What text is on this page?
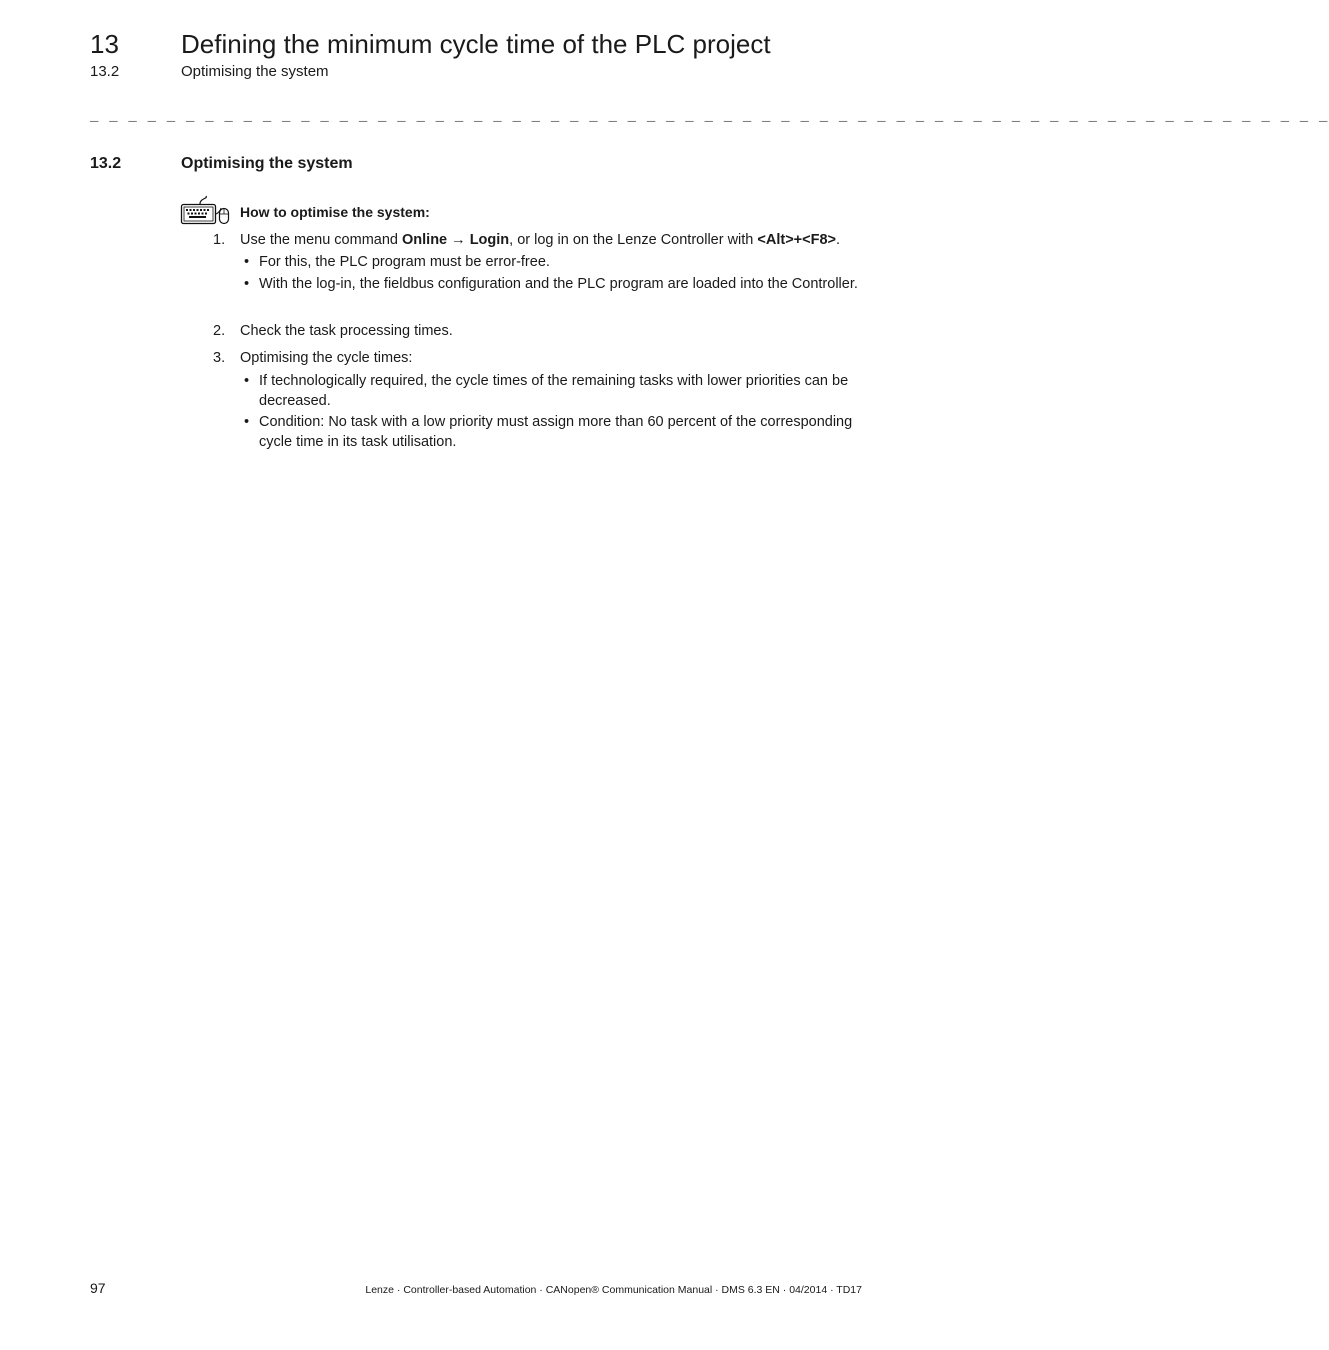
13 Defining the minimum cycle time of the PLC project
13.2	Optimising the system
_ _ _ _ _ _ _ _ _ _ _ _ _ _ _ _ _ _ _ _ _ _ _ _ _ _ _ _ _ _ _ _ _ _ _ _ _ _ _ _ _ _ _ _ _ _ _ _ _ _ _ _ _ _ _ _ _ _ _ _ _ _ _ _ _
13.2	Optimising the system
How to optimise the system:
1. Use the menu command Online → Login, or log in on the Lenze Controller with <Alt>+<F8>.
• For this, the PLC program must be error-free.
• With the log-in, the fieldbus configuration and the PLC program are loaded into the Controller.
2. Check the task processing times.
3. Optimising the cycle times:
• If technologically required, the cycle times of the remaining tasks with lower priorities can be decreased.
• Condition: No task with a low priority must assign more than 60 percent of the corresponding cycle time in its task utilisation.
97	Lenze · Controller-based Automation · CANopen® Communication Manual · DMS 6.3 EN · 04/2014 · TD17
